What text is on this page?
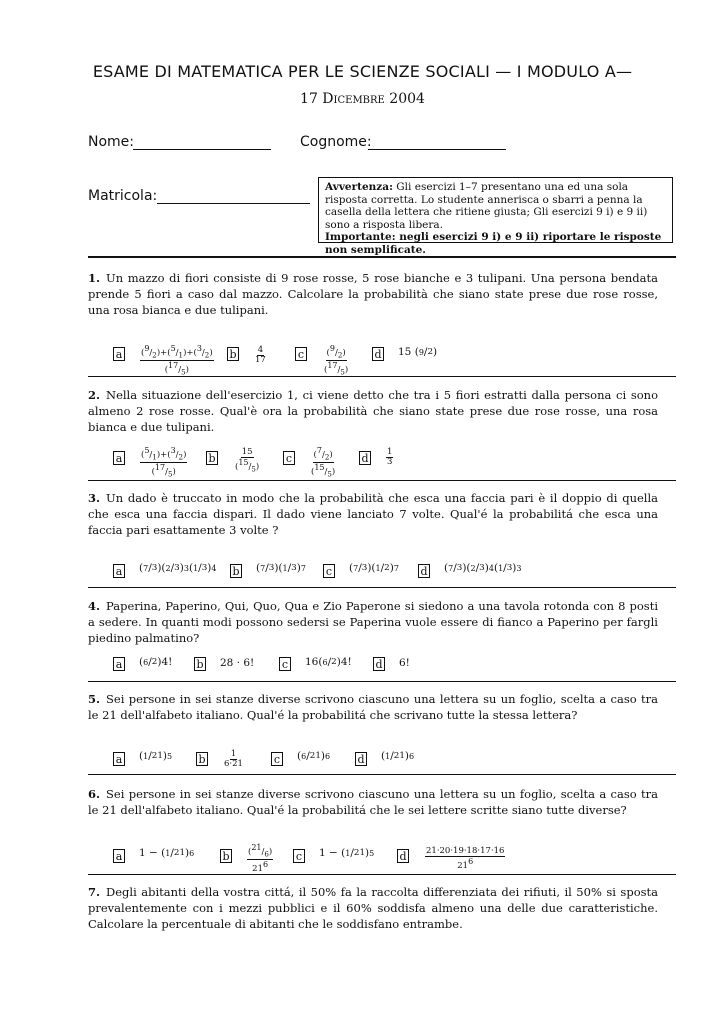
ESAME DI MATEMATICA PER LE SCIENZE SOCIALI — I MODULO A—
17 Dicembre 2004
Nome:	Cognome:
Matricola:
Avvertenza: Gli esercizi 1–7 presentano una ed una sola risposta corretta. Lo studente annerisca o sbarri a penna la casella della lettera che ritiene giusta; Gli esercizi 9 i) e 9 ii) sono a risposta libera.
Importante: negli esercizi 9 i) e 9 ii) riportare le risposte non semplificate.
1. Un mazzo di fiori consiste di 9 rose rosse, 5 rose bianche e 3 tulipani. Una persona bendata prende 5 fiori a caso dal mazzo. Calcolare la probabilità che siano state prese due rose rosse, una rosa bianca e due tulipani.
a	$\frac{(^9/_2)+(^5/_1)+(^3/_2)}{(^{17}/_5)}$ b $\frac{4}{17}$	c	$\frac{(^9/_2)}{(^{17}/_5)}$ d 15 ( 9 / 2 )
2. Nella situazione dell'esercizio 1, ci viene detto che tra i 5 fiori estratti dalla persona ci sono almeno 2 rose rosse. Qual'è ora la probabilità che siano state prese due rose rosse, una rosa bianca e due tulipani.
a	$\frac{(^5/_1)+(^3/_2)}{(^{17}/_5)}$ b $\frac{15}{(^{15}/_5)}$ c	$\frac{(^7/_2)}{(^{15}/_5)}$ d $\frac{1}{3}$
3. Un dado è truccato in modo che la probabilità che esca una faccia pari è il doppio di quella che esca una faccia dispari. Il dado viene lanciato 7 volte. Qual'é la probabilitá che esca una faccia pari esattamente 3 volte ?
a ( 7 / 3 )( 2 / 3 ) 3 ( 1 / 3 ) 4 b ( 7 / 3 )( 1 / 3 ) 7 c ( 7 / 3 )( 1 / 2 ) 7 d ( 7 / 3 )( 2 / 3 ) 4 ( 1 / 3 ) 3
4. Paperina, Paperino, Qui, Quo, Qua e Zio Paperone si siedono a una tavola rotonda con 8 posti a sedere. In quanti modi possono sedersi se Paperina vuole essere di fianco a Paperino per fargli piedino palmatino?
a ( 6 / 2 ) 4! b 28 · 6!	c 16 ( 6 / 2 ) 4! d 6!
5. Sei persone in sei stanze diverse scrivono ciascuno una lettera su un foglio, scelta a caso tra le 21 dell'alfabeto italiano. Qual'é la probabilitá che scrivano tutte la stessa lettera?
a ( 1 / 21 ) 5 b $\frac{1}{6\cdot 21}$	c ( 6 / 21 ) 6 d ( 1 / 21 ) 6
6. Sei persone in sei stanze diverse scrivono ciascuno una lettera su un foglio, scelta a caso tra le 21 dell'alfabeto italiano. Qual'é la probabilitá che le sei lettere scritte siano tutte diverse?
a 1 − ( 1 / 21 ) 6	b $\frac{(^{21}/_6)}{21^6}$ c 1 − ( 1 / 21 ) 5 d $\frac{21\cdot 20\cdot 19\cdot 18\cdot 17\cdot 16}{21^6}$
7. Degli abitanti della vostra cittá, il 50% fa la raccolta differenziata dei rifiuti, il 50% si sposta prevalentemente con i mezzi pubblici e il 60% soddisfa almeno una delle due caratteristiche. Calcolare la percentuale di abitanti che le soddisfano entrambe.
